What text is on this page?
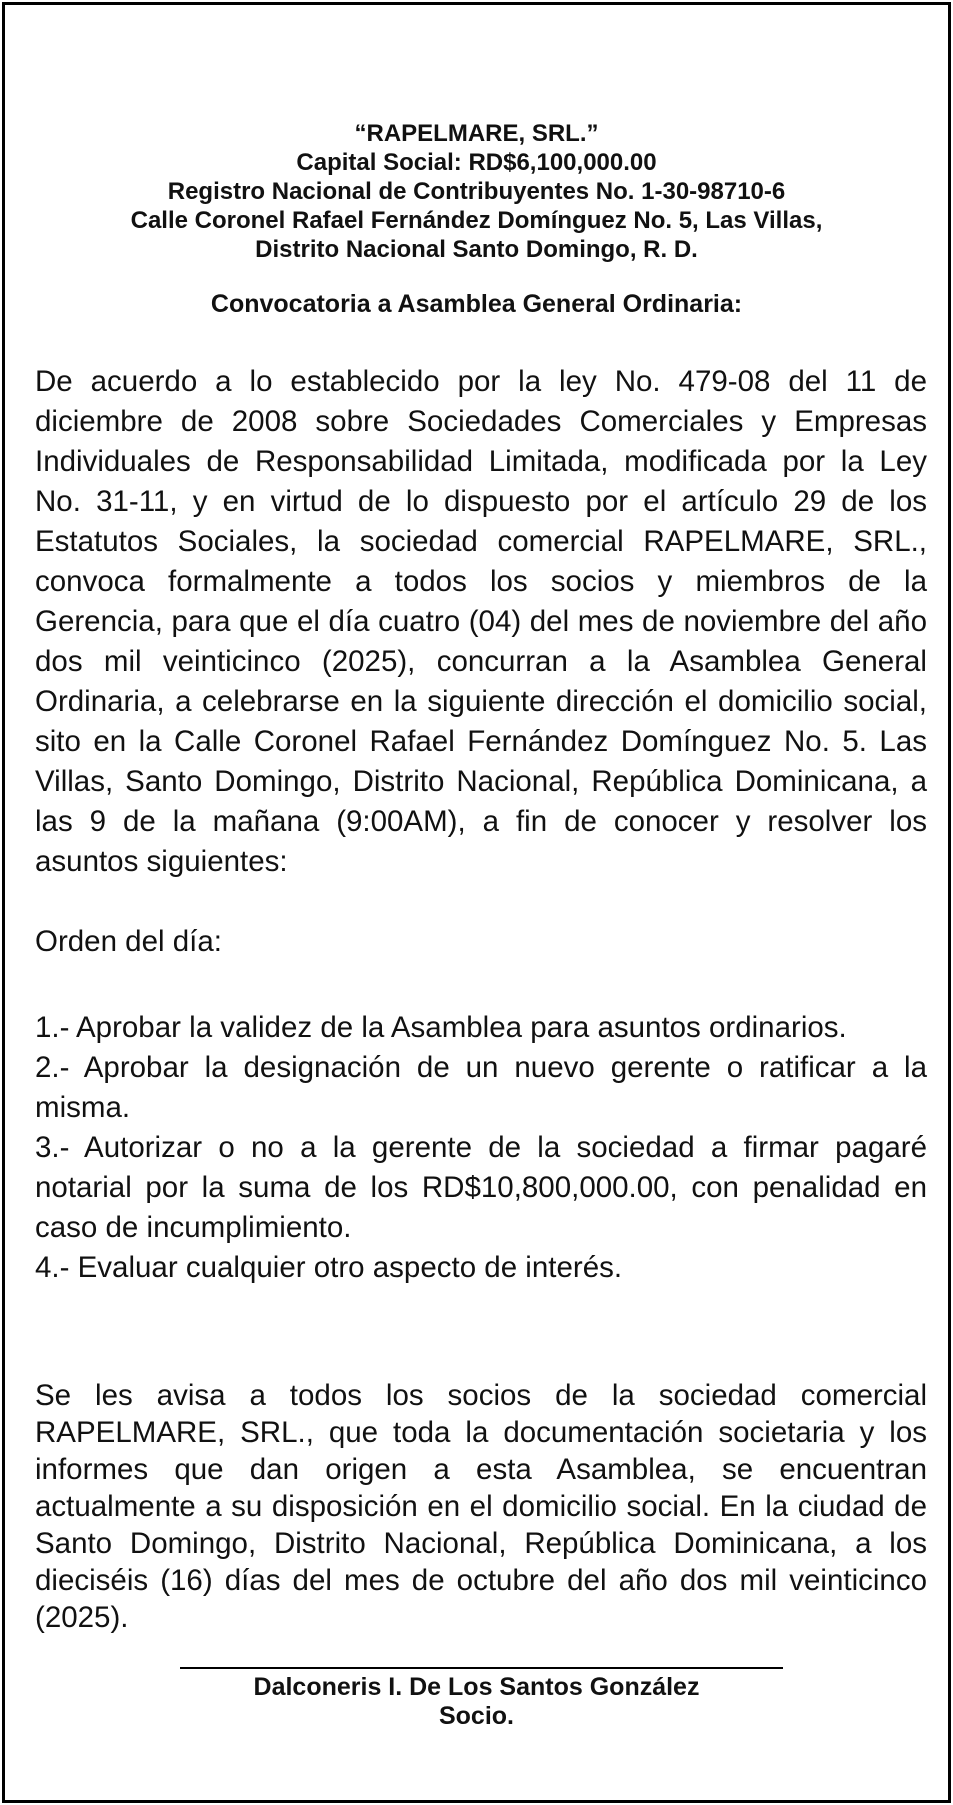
“RAPELMARE, SRL.”
Capital Social: RD$6,100,000.00
Registro Nacional de Contribuyentes No. 1-30-98710-6
Calle Coronel Rafael Fernández Domínguez No. 5, Las Villas,
Distrito Nacional Santo Domingo, R. D.
Convocatoria a Asamblea General Ordinaria:

De acuerdo a lo establecido por la ley No. 479-08 del 11 de diciembre de 2008 sobre Sociedades Comerciales y Empresas Individuales de Responsabilidad Limitada, modificada por la Ley No. 31-11, y en virtud de lo dispuesto por el artículo 29 de los Estatutos Sociales, la sociedad comercial RAPELMARE, SRL., convoca formalmente a todos los socios y miembros de la Gerencia, para que el día cuatro (04) del mes de noviembre del año dos mil veinticinco (2025), concurran a la Asamblea General Ordinaria, a celebrarse en la siguiente dirección el domicilio social, sito en la Calle Coronel Rafael Fernández Domínguez No. 5. Las Villas, Santo Domingo, Distrito Nacional, República Dominicana, a las 9 de la mañana (9:00AM), a fin de conocer y resolver los asuntos siguientes:

Orden del día:

1.- Aprobar la validez de la Asamblea para asuntos ordinarios.

2.- Aprobar la designación de un nuevo gerente o ratificar a la misma.

3.- Autorizar o no a la gerente de la sociedad a firmar pagaré notarial por la suma de los RD$10,800,000.00, con penalidad en caso de incumplimiento.

4.- Evaluar cualquier otro aspecto de interés.

Se les avisa a todos los socios de la sociedad comercial RAPELMARE, SRL., que toda la documentación societaria y los informes que dan origen a esta Asamblea, se encuentran actualmente a su disposición en el domicilio social. En la ciudad de Santo Domingo, Distrito Nacional, República Dominicana, a los dieciséis (16) días del mes de octubre del año dos mil veinticinco (2025).

Dalconeris I. De Los Santos González
Socio.
